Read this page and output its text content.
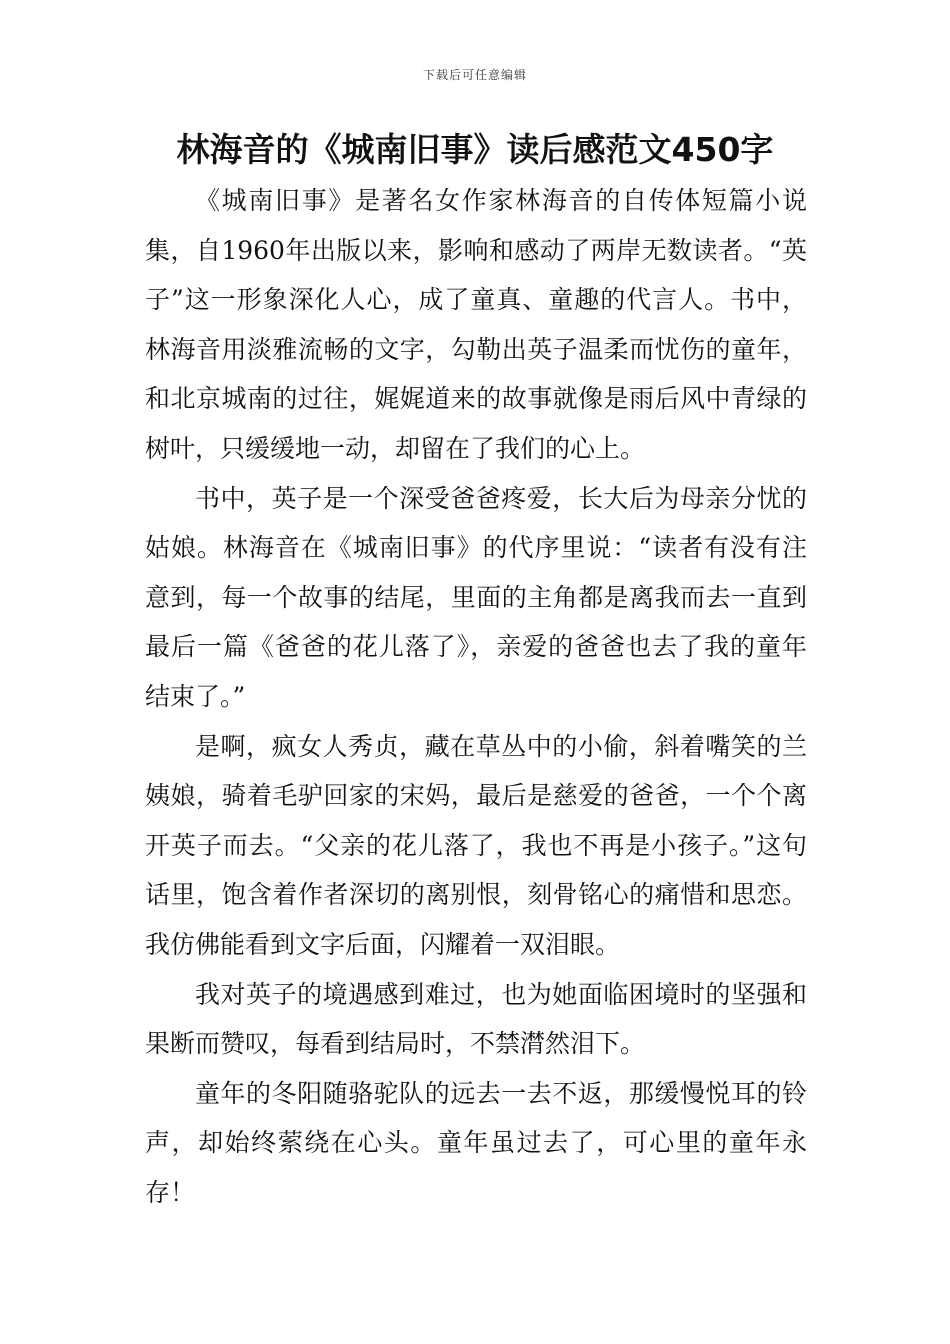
下载后可任意编辑
林海音的《城南旧事》读后感范文450字

《城南旧事》是著名女作家林海音的自传体短篇小说集，自1960年出版以来，影响和感动了两岸无数读者。“英子”这一形象深化人心，成了童真、童趣的代言人。书中，林海音用淡雅流畅的文字，勾勒出英子温柔而忧伤的童年，和北京城南的过往，娓娓道来的故事就像是雨后风中青绿的树叶，只缓缓地一动，却留在了我们的心上。

书中，英子是一个深受爸爸疼爱，长大后为母亲分忧的姑娘。林海音在《城南旧事》的代序里说：“读者有没有注意到，每一个故事的结尾，里面的主角都是离我而去一直到最后一篇《爸爸的花儿落了》，亲爱的爸爸也去了我的童年结束了。”

是啊，疯女人秀贞，藏在草丛中的小偷，斜着嘴笑的兰姨娘，骑着毛驴回家的宋妈，最后是慈爱的爸爸，一个个离开英子而去。“父亲的花儿落了，我也不再是小孩子。”这句话里，饱含着作者深切的离别恨，刻骨铭心的痛惜和思恋。我仿佛能看到文字后面，闪耀着一双泪眼。

我对英子的境遇感到难过，也为她面临困境时的坚强和果断而赞叹，每看到结局时，不禁潸然泪下。

童年的冬阳随骆驼队的远去一去不返，那缓慢悦耳的铃声，却始终萦绕在心头。童年虽过去了，可心里的童年永存！
